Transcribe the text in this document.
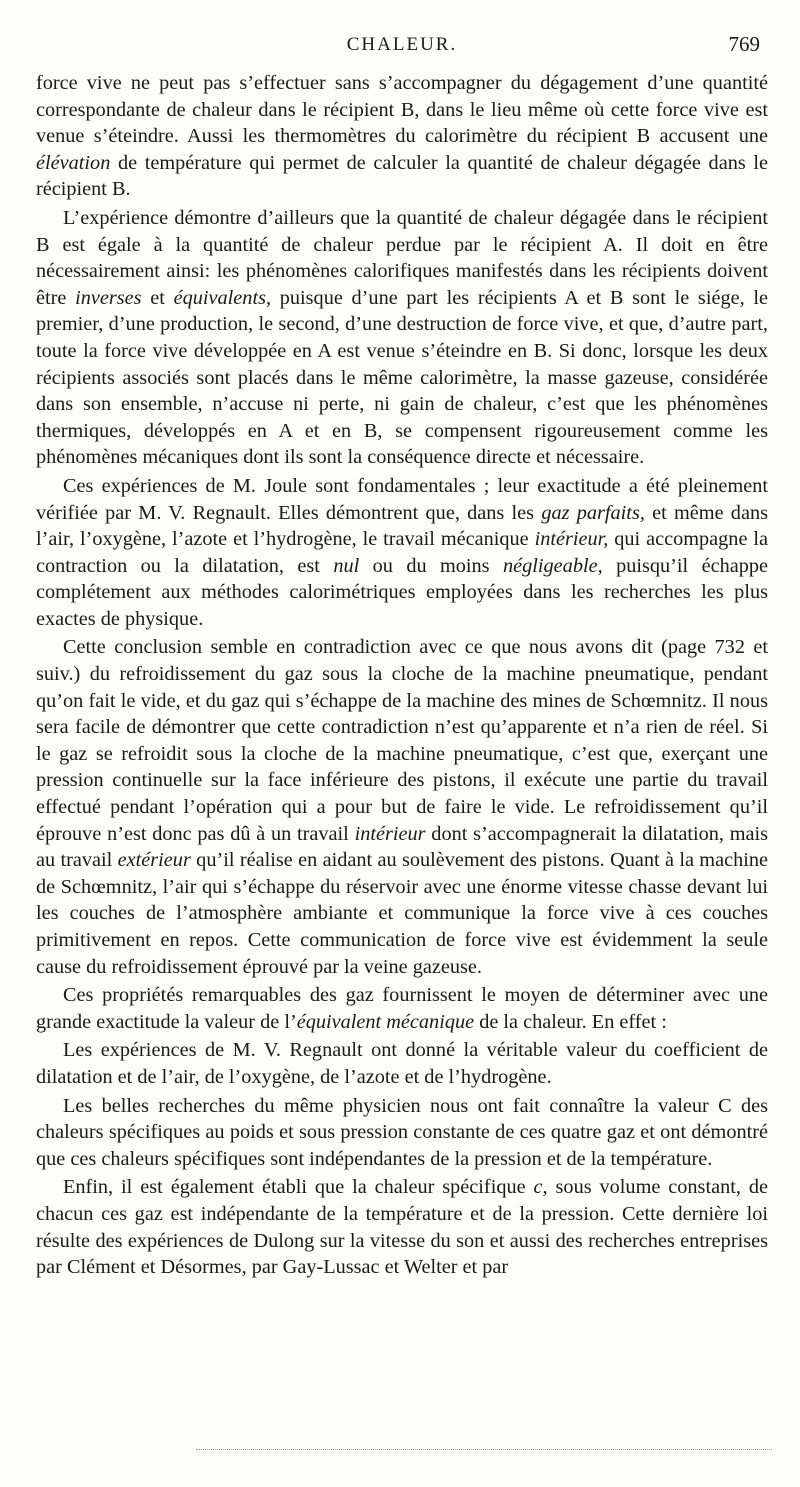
CHALEUR.	769

force vive ne peut pas s’effectuer sans s’accompagner du dégagement d’une quantité correspondante de chaleur dans le récipient B, dans le lieu même où cette force vive est venue s’éteindre. Aussi les thermomètres du calorimètre du récipient B accusent une élévation de température qui permet de calculer la quantité de chaleur dégagée dans le récipient B.

L’expérience démontre d’ailleurs que la quantité de chaleur dégagée dans le récipient B est égale à la quantité de chaleur perdue par le récipient A. Il doit en être nécessairement ainsi: les phénomènes calorifiques manifestés dans les récipients doivent être inverses et équivalents, puisque d’une part les récipients A et B sont le siége, le premier, d’une production, le second, d’une destruction de force vive, et que, d’autre part, toute la force vive développée en A est venue s’éteindre en B. Si donc, lorsque les deux récipients associés sont placés dans le même calorimètre, la masse gazeuse, considérée dans son ensemble, n’accuse ni perte, ni gain de chaleur, c’est que les phénomènes thermiques, développés en A et en B, se compensent rigoureusement comme les phénomènes mécaniques dont ils sont la conséquence directe et nécessaire.

Ces expériences de M. Joule sont fondamentales ; leur exactitude a été pleinement vérifiée par M. V. Regnault. Elles démontrent que, dans les gaz parfaits, et même dans l’air, l’oxygène, l’azote et l’hydrogène, le travail mécanique intérieur, qui accompagne la contraction ou la dilatation, est nul ou du moins négligeable, puisqu’il échappe complétement aux méthodes calorimétriques employées dans les recherches les plus exactes de physique.

Cette conclusion semble en contradiction avec ce que nous avons dit (page 732 et suiv.) du refroidissement du gaz sous la cloche de la machine pneumatique, pendant qu’on fait le vide, et du gaz qui s’échappe de la machine des mines de Schœmnitz. Il nous sera facile de démontrer que cette contradiction n’est qu’apparente et n’a rien de réel. Si le gaz se refroidit sous la cloche de la machine pneumatique, c’est que, exerçant une pression continuelle sur la face inférieure des pistons, il exécute une partie du travail effectué pendant l’opération qui a pour but de faire le vide. Le refroidissement qu’il éprouve n’est donc pas dû à un travail intérieur dont s’accompagnerait la dilatation, mais au travail extérieur qu’il réalise en aidant au soulèvement des pistons. Quant à la machine de Schœmnitz, l’air qui s’échappe du réservoir avec une énorme vitesse chasse devant lui les couches de l’atmosphère ambiante et communique la force vive à ces couches primitivement en repos. Cette communication de force vive est évidemment la seule cause du refroidissement éprouvé par la veine gazeuse.

Ces propriétés remarquables des gaz fournissent le moyen de déterminer avec une grande exactitude la valeur de l’équivalent mécanique de la chaleur. En effet :

Les expériences de M. V. Regnault ont donné la véritable valeur du coefficient de dilatation et de l’air, de l’oxygène, de l’azote et de l’hydrogène.

Les belles recherches du même physicien nous ont fait connaître la valeur C des chaleurs spécifiques au poids et sous pression constante de ces quatre gaz et ont démontré que ces chaleurs spécifiques sont indépendantes de la pression et de la température.

Enfin, il est également établi que la chaleur spécifique c, sous volume constant, de chacun ces gaz est indépendante de la température et de la pression. Cette dernière loi résulte des expériences de Dulong sur la vitesse du son et aussi des recherches entreprises par Clément et Désormes, par Gay-Lussac et Welter et par
